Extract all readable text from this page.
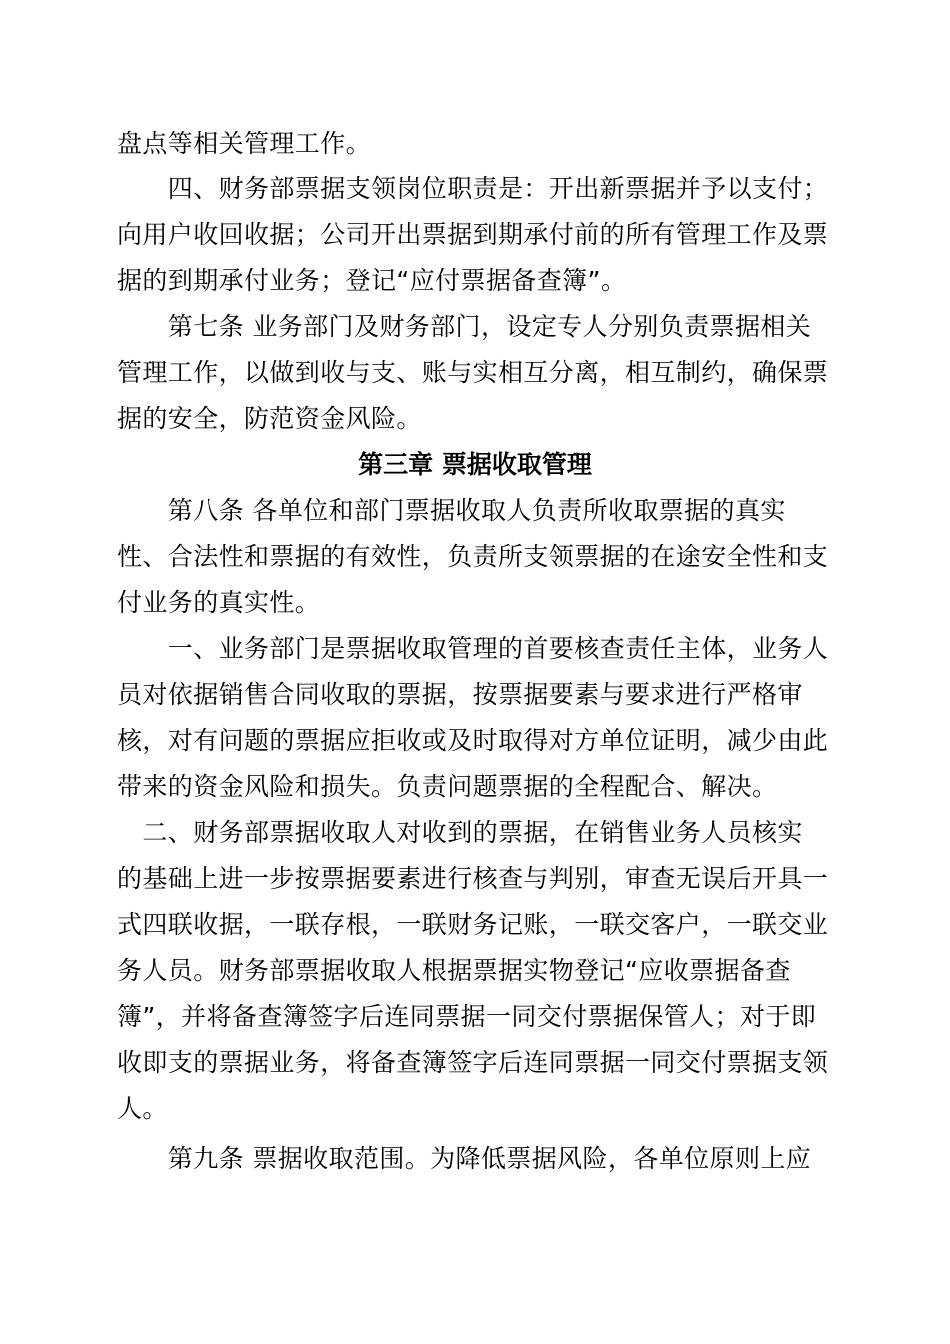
盘点等相关管理工作。
　　四、财务部票据支领岗位职责是：开出新票据并予以支付；
向用户收回收据；公司开出票据到期承付前的所有管理工作及票
据的到期承付业务；登记“应付票据备查簿”。
　　第七条 业务部门及财务部门，设定专人分别负责票据相关
管理工作，以做到收与支、账与实相互分离，相互制约，确保票
据的安全，防范资金风险。
第三章 票据收取管理
　　第八条 各单位和部门票据收取人负责所收取票据的真实
性、合法性和票据的有效性，负责所支领票据的在途安全性和支
付业务的真实性。
　　一、业务部门是票据收取管理的首要核查责任主体，业务人
员对依据销售合同收取的票据，按票据要素与要求进行严格审
核，对有问题的票据应拒收或及时取得对方单位证明，减少由此
带来的资金风险和损失。负责问题票据的全程配合、解决。
　二、财务部票据收取人对收到的票据，在销售业务人员核实
的基础上进一步按票据要素进行核查与判别，审查无误后开具一
式四联收据，一联存根，一联财务记账，一联交客户，一联交业
务人员。财务部票据收取人根据票据实物登记“应收票据备查
簿”，并将备查簿签字后连同票据一同交付票据保管人；对于即
收即支的票据业务，将备查簿签字后连同票据一同交付票据支领
人。
　　第九条 票据收取范围。为降低票据风险，各单位原则上应
